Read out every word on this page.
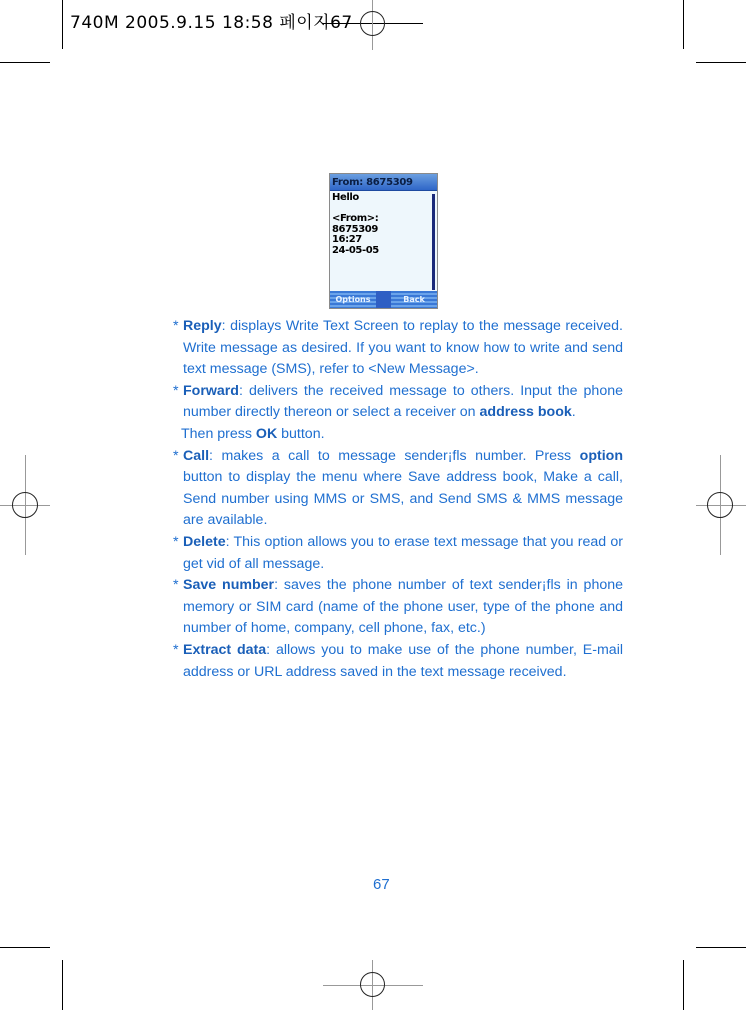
740M 2005.9.15 18:58 페이지67
From: 8675309
Hello
<From>:
8675309
16:27
24-05-05
Options	Back
* Reply: displays Write Text Screen to replay to the message received. Write message as desired. If you want to know how to write and send text message (SMS), refer to <New Message>.

* Forward: delivers the received message to others. Input the phone number directly thereon or select a receiver on address book.

Then press OK button.

* Call: makes a call to message sender¡fls number. Press option button to display the menu where Save address book, Make a call, Send number using MMS or SMS, and Send SMS & MMS message are available.

* Delete: This option allows you to erase text message that you read or get vid of all message.

* Save number: saves the phone number of text sender¡fls in phone memory or SIM card (name of the phone user, type of the phone and number of home, company, cell phone, fax, etc.)

* Extract data: allows you to make use of the phone number, E-mail address or URL address saved in the text message received.

67
